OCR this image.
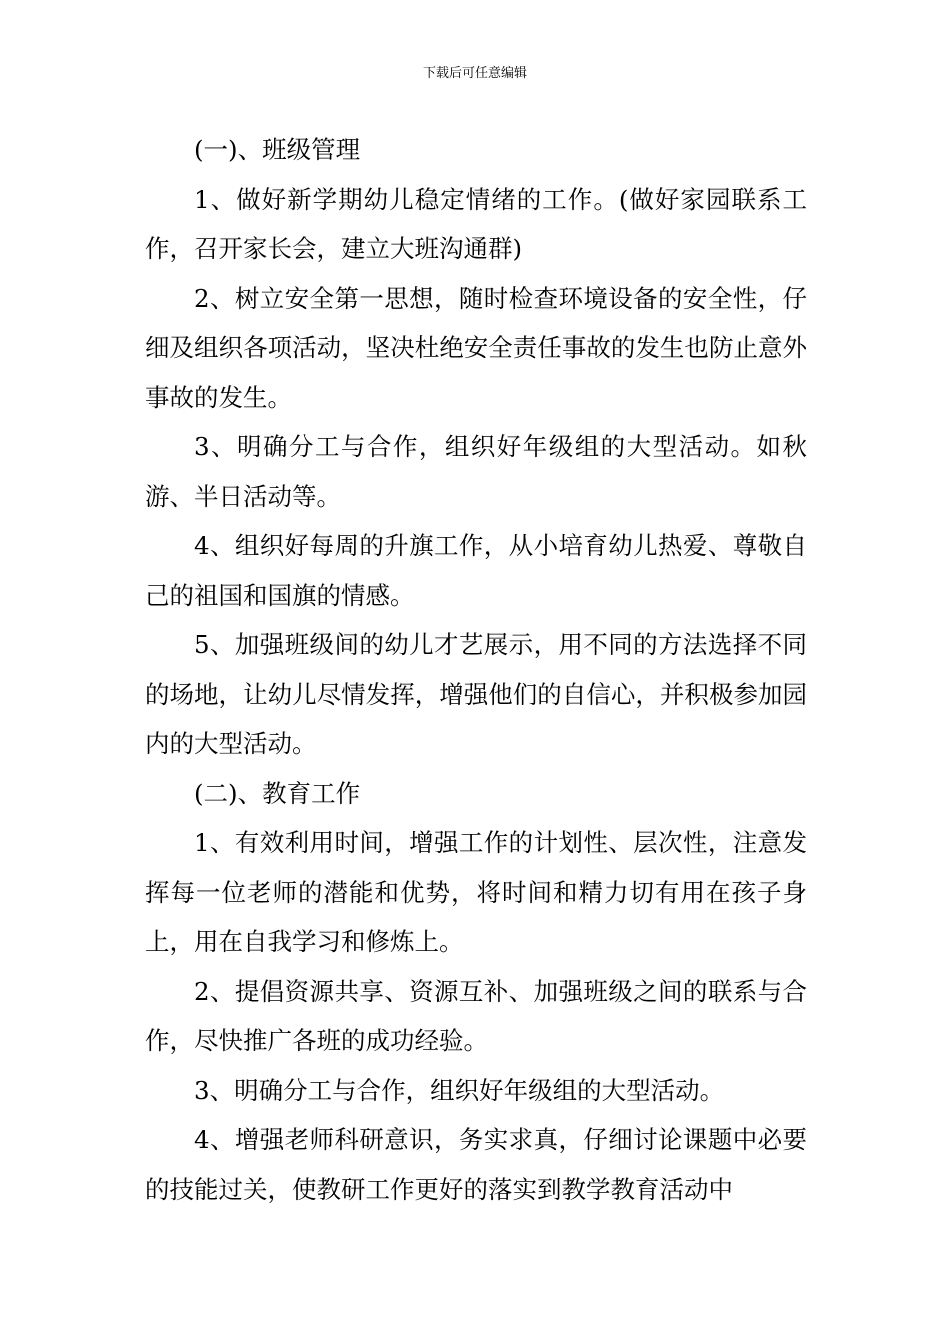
下载后可任意编辑

(一)、班级管理

1、做好新学期幼儿稳定情绪的工作。(做好家园联系工作，召开家长会，建立大班沟通群)

2、树立安全第一思想，随时检查环境设备的安全性，仔细及组织各项活动，坚决杜绝安全责任事故的发生也防止意外事故的发生。

3、明确分工与合作，组织好年级组的大型活动。如秋游、半日活动等。

4、组织好每周的升旗工作，从小培育幼儿热爱、尊敬自己的祖国和国旗的情感。

5、加强班级间的幼儿才艺展示，用不同的方法选择不同的场地，让幼儿尽情发挥，增强他们的自信心，并积极参加园内的大型活动。

(二)、教育工作

1、有效利用时间，增强工作的计划性、层次性，注意发挥每一位老师的潜能和优势，将时间和精力切有用在孩子身上，用在自我学习和修炼上。

2、提倡资源共享、资源互补、加强班级之间的联系与合作，尽快推广各班的成功经验。

3、明确分工与合作，组织好年级组的大型活动。

4、增强老师科研意识，务实求真，仔细讨论课题中必要的技能过关，使教研工作更好的落实到教学教育活动中
